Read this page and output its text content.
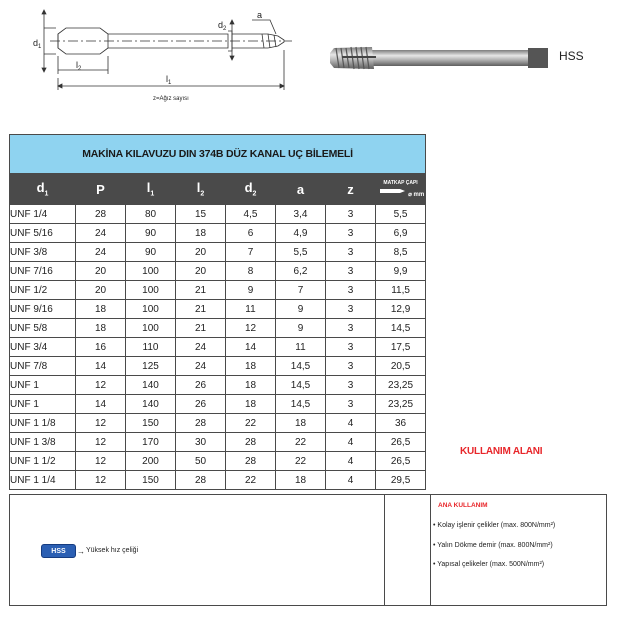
$d_1$
$l_2$
$l_1$
$d_2$
a
z=Ağız sayısı
HSS
MAKİNA KILAVUZU DIN 374B DÜZ KANAL UÇ BİLEMELİ							
$d_1$	P	$l_1$	$l_2$	$d_2$	a	z	MATKAP ÇAPI
⌀ mm
UNF 1/4	28	80	15	4,5	3,4	3	5,5
UNF 5/16	24	90	18	6	4,9	3	6,9
UNF 3/8	24	90	20	7	5,5	3	8,5
UNF 7/16	20	100	20	8	6,2	3	9,9
UNF 1/2	20	100	21	9	7	3	11,5
UNF 9/16	18	100	21	11	9	3	12,9
UNF 5/8	18	100	21	12	9	3	14,5
UNF 3/4	16	110	24	14	11	3	17,5
UNF 7/8	14	125	24	18	14,5	3	20,5
UNF 1	12	140	26	18	14,5	3	23,25
UNF 1	14	140	26	18	14,5	3	23,25
UNF 1 1/8	12	150	28	22	18	4	36
UNF 1 3/8	12	170	30	28	22	4	26,5
UNF 1 1/2	12	200	50	28	22	4	26,5
UNF 1 1/4	12	150	28	22	18	4	29,5
KULLANIM ALANI
ANA KULLANIM
• Kolay işlenir çelikler (max. 800N/mm²)
• Yalın Dökme demir (max. 800N/mm²)
• Yapısal çelikeler (max. 500N/mm²)
HSS	→ Yüksek hız çeliği
